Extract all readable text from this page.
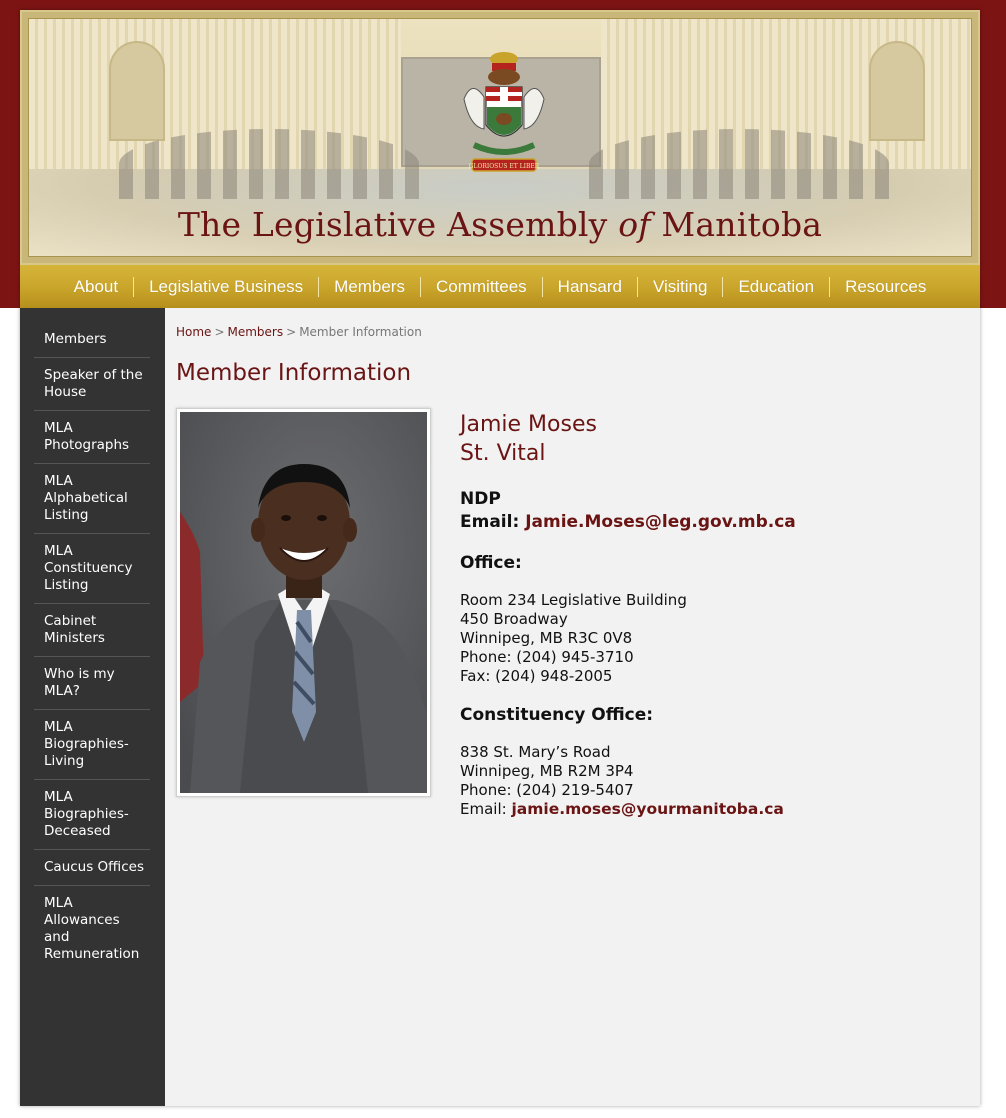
GLORIOSUS ET LIBER
The Legislative Assembly of Manitoba
About	Legislative Business	Members	Committees	Hansard	Visiting	Education	Resources
Members
Speaker of the House
MLA Photographs
MLA Alphabetical Listing
MLA Constituency Listing
Cabinet Ministers
Who is my MLA?
MLA Biographies-Living
MLA Biographies-Deceased
Caucus Offices
MLA Allowances and Remuneration
Home > Members > Member Information
Member Information
Jamie Moses
St. Vital
NDP
Email: Jamie.Moses@leg.gov.mb.ca
Office:
Room 234 Legislative Building
450 Broadway
Winnipeg, MB R3C 0V8
Phone: (204) 945-3710
Fax: (204) 948-2005
Constituency Office:
838 St. Mary’s Road
Winnipeg, MB R2M 3P4
Phone: (204) 219-5407
Email: jamie.moses@yourmanitoba.ca
